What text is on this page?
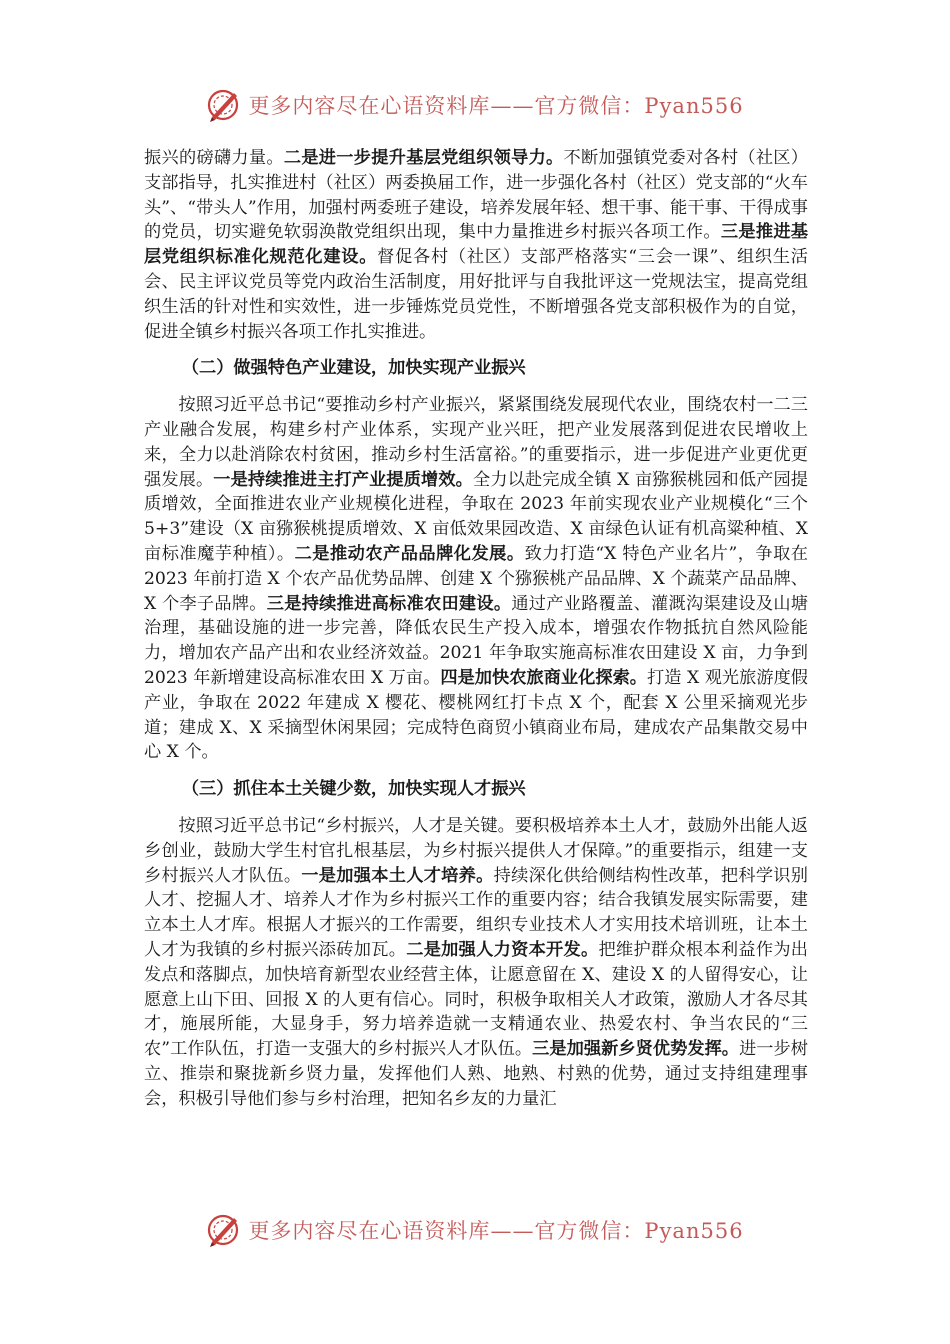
更多内容尽在心语资料库——官方微信：Pyan556

振兴的磅礴力量。二是进一步提升基层党组织领导力。不断加强镇党委对各村（社区）支部指导，扎实推进村（社区）两委换届工作，进一步强化各村（社区）党支部的“火车头”、“带头人”作用，加强村两委班子建设，培养发展年轻、想干事、能干事、干得成事的党员，切实避免软弱涣散党组织出现，集中力量推进乡村振兴各项工作。三是推进基层党组织标准化规范化建设。督促各村（社区）支部严格落实“三会一课”、组织生活会、民主评议党员等党内政治生活制度，用好批评与自我批评这一党规法宝，提高党组织生活的针对性和实效性，进一步锤炼党员党性，不断增强各党支部积极作为的自觉，促进全镇乡村振兴各项工作扎实推进。

（二）做强特色产业建设，加快实现产业振兴

按照习近平总书记“要推动乡村产业振兴，紧紧围绕发展现代农业，围绕农村一二三产业融合发展，构建乡村产业体系，实现产业兴旺，把产业发展落到促进农民增收上来，全力以赴消除农村贫困，推动乡村生活富裕。”的重要指示，进一步促进产业更优更强发展。一是持续推进主打产业提质增效。全力以赴完成全镇 X 亩猕猴桃园和低产园提质增效，全面推进农业产业规模化进程，争取在 2023 年前实现农业产业规模化“三个 5+3”建设（X 亩猕猴桃提质增效、X 亩低效果园改造、X 亩绿色认证有机高粱种植、X 亩标准魔芋种植）。二是推动农产品品牌化发展。致力打造“X 特色产业名片”，争取在 2023 年前打造 X 个农产品优势品牌、创建 X 个猕猴桃产品品牌、X 个蔬菜产品品牌、X 个李子品牌。三是持续推进高标准农田建设。通过产业路覆盖、灌溉沟渠建设及山塘治理，基础设施的进一步完善，降低农民生产投入成本，增强农作物抵抗自然风险能力，增加农产品产出和农业经济效益。2021 年争取实施高标准农田建设 X 亩，力争到 2023 年新增建设高标准农田 X 万亩。四是加快农旅商业化探索。打造 X 观光旅游度假产业，争取在 2022 年建成 X 樱花、樱桃网红打卡点 X 个，配套 X 公里采摘观光步道；建成 X、X 采摘型休闲果园；完成特色商贸小镇商业布局，建成农产品集散交易中心 X 个。

（三）抓住本土关键少数，加快实现人才振兴

按照习近平总书记“乡村振兴，人才是关键。要积极培养本土人才，鼓励外出能人返乡创业，鼓励大学生村官扎根基层，为乡村振兴提供人才保障。”的重要指示，组建一支乡村振兴人才队伍。一是加强本土人才培养。持续深化供给侧结构性改革，把科学识别人才、挖掘人才、培养人才作为乡村振兴工作的重要内容；结合我镇发展实际需要，建立本土人才库。根据人才振兴的工作需要，组织专业技术人才实用技术培训班，让本土人才为我镇的乡村振兴添砖加瓦。二是加强人力资本开发。把维护群众根本利益作为出发点和落脚点，加快培育新型农业经营主体，让愿意留在 X、建设 X 的人留得安心，让愿意上山下田、回报 X 的人更有信心。同时，积极争取相关人才政策，激励人才各尽其才，施展所能，大显身手，努力培养造就一支精通农业、热爱农村、争当农民的“三农”工作队伍，打造一支强大的乡村振兴人才队伍。三是加强新乡贤优势发挥。进一步树立、推崇和聚拢新乡贤力量，发挥他们人熟、地熟、村熟的优势，通过支持组建理事会，积极引导他们参与乡村治理，把知名乡友的力量汇

更多内容尽在心语资料库——官方微信：Pyan556
